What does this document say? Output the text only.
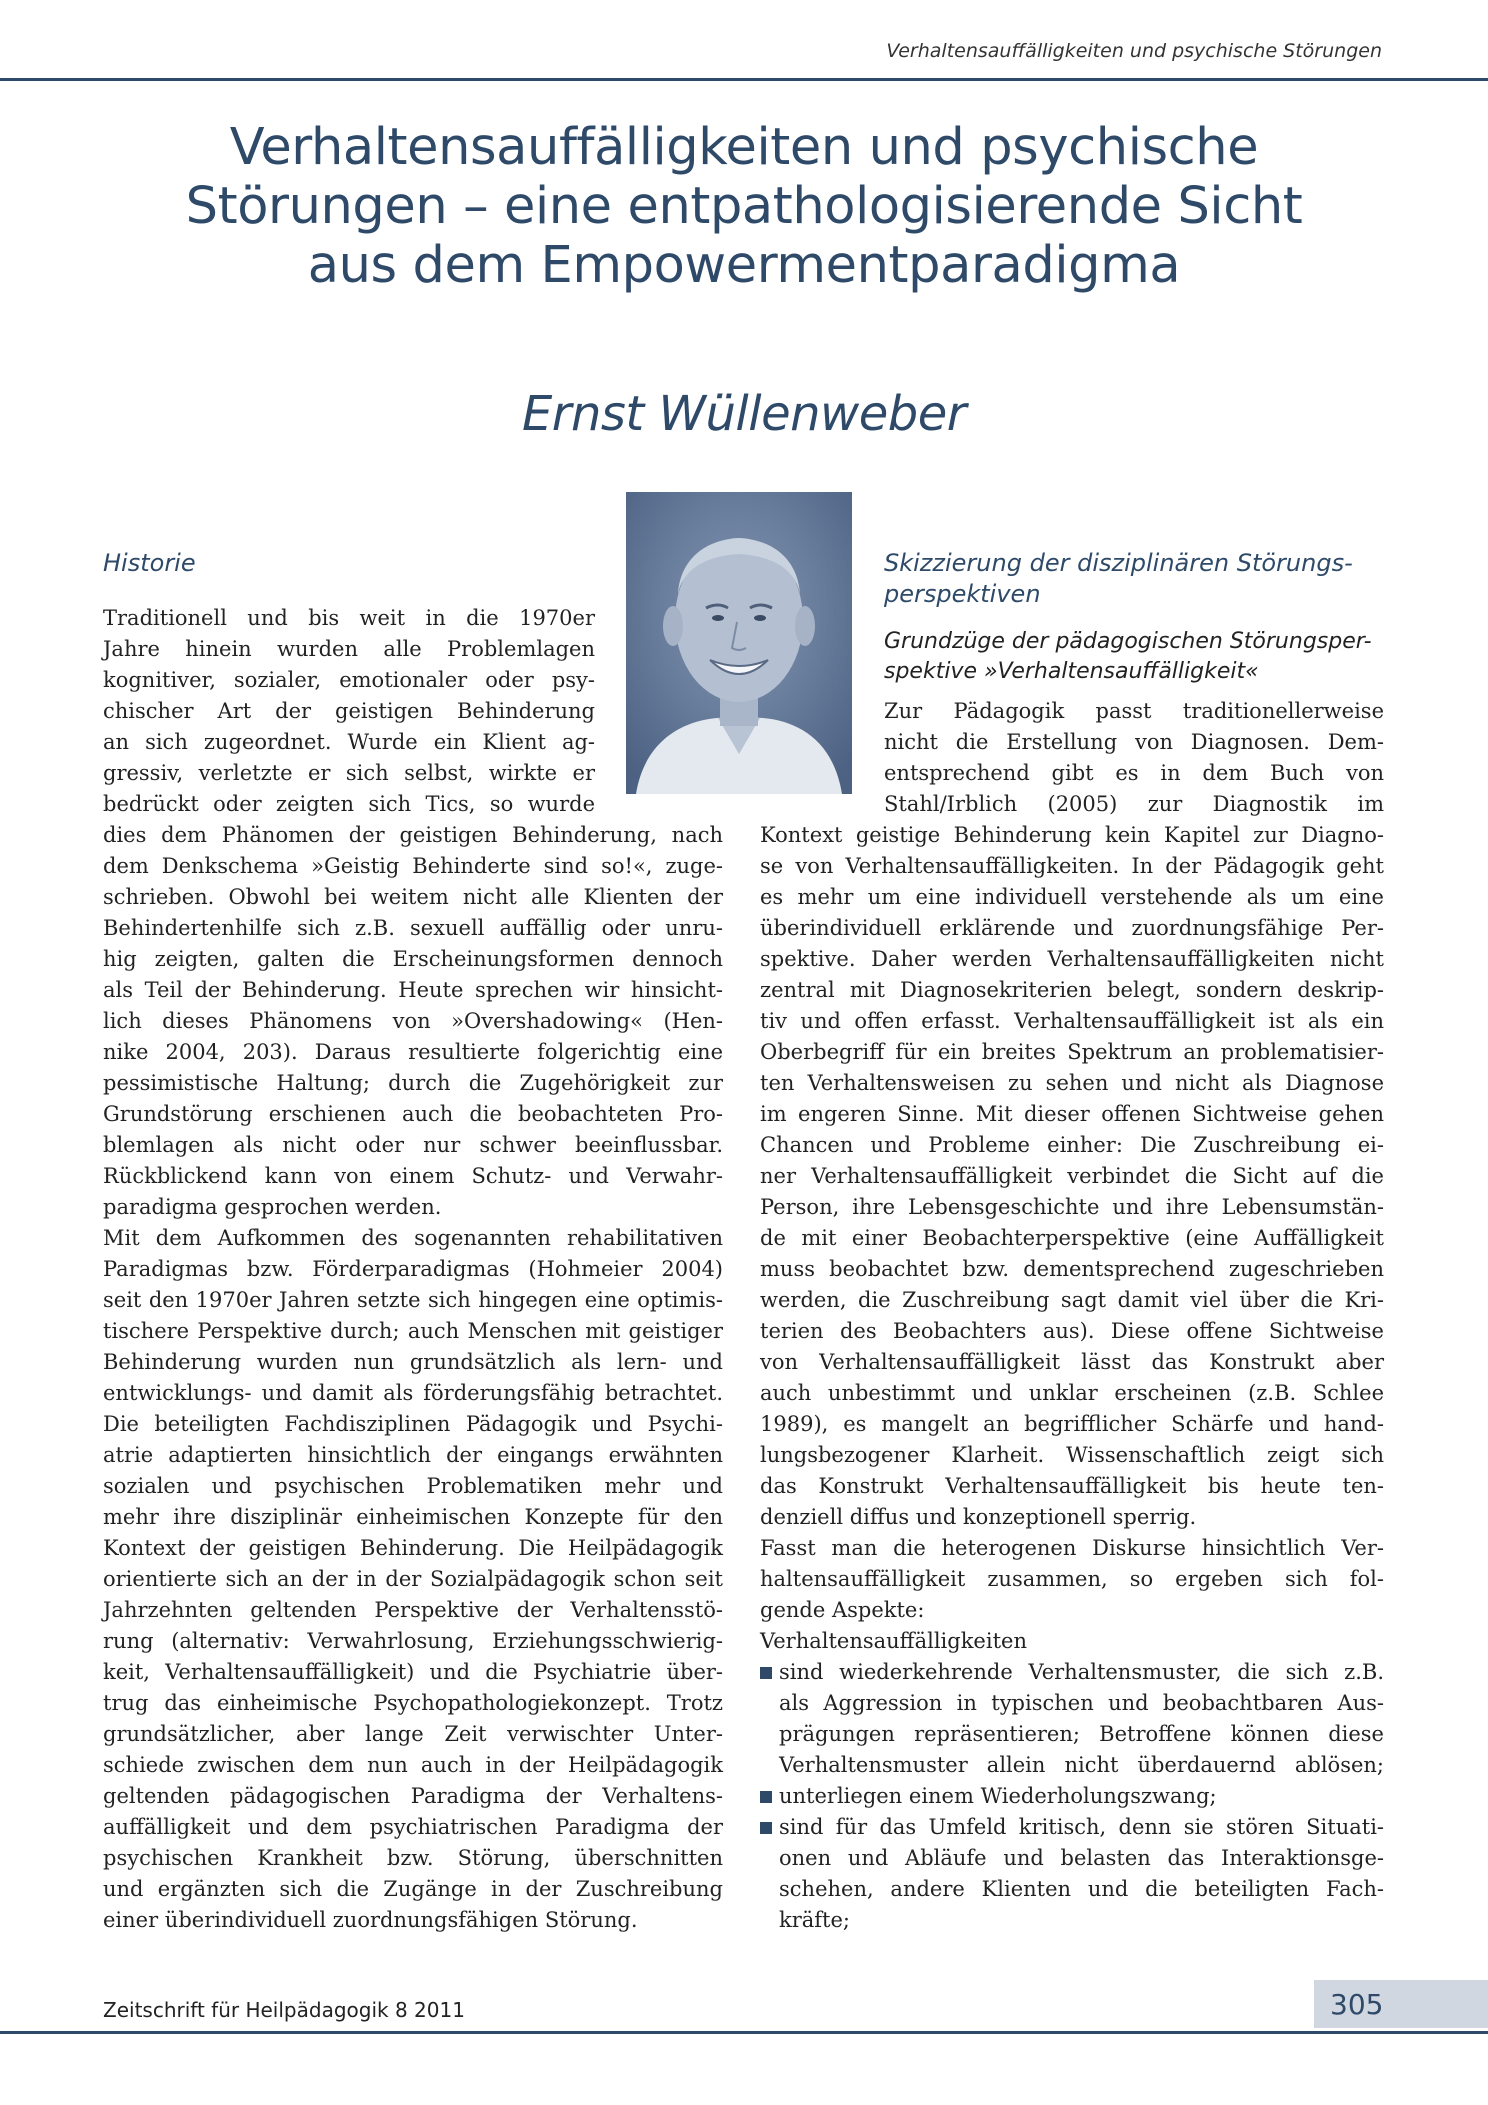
Verhaltensauffälligkeiten und psychische Störungen
Verhaltensauffälligkeiten und psychische
Störungen – eine entpathologisierende Sicht
aus dem Empowermentparadigma
Ernst Wüllenweber
Historie
Traditionell und bis weit in die 1970er
Jahre hinein wurden alle Problemlagen
kognitiver, sozialer, emotionaler oder psy-
chischer Art der geistigen Behinderung
an sich zugeordnet. Wurde ein Klient ag-
gressiv, verletzte er sich selbst, wirkte er
bedrückt oder zeigten sich Tics, so wurde
dies dem Phänomen der geistigen Behinderung, nach
dem Denkschema »Geistig Behinderte sind so!«, zuge-
schrieben. Obwohl bei weitem nicht alle Klienten der
Behindertenhilfe sich z.B. sexuell auffällig oder unru-
hig zeigten, galten die Erscheinungsformen dennoch
als Teil der Behinderung. Heute sprechen wir hinsicht-
lich dieses Phänomens von »Overshadowing« (Hen-
nike 2004, 203). Daraus resultierte folgerichtig eine
pessimistische Haltung; durch die Zugehörigkeit zur
Grundstörung erschienen auch die beobachteten Pro-
blemlagen als nicht oder nur schwer beeinflussbar.
Rückblickend kann von einem Schutz- und Verwahr-
paradigma gesprochen werden.
Mit dem Aufkommen des sogenannten rehabilitativen
Paradigmas bzw. Förderparadigmas (Hohmeier 2004)
seit den 1970er Jahren setzte sich hingegen eine optimis-
tischere Perspektive durch; auch Menschen mit geistiger
Behinderung wurden nun grundsätzlich als lern- und
entwicklungs- und damit als förderungsfähig betrachtet.
Die beteiligten Fachdisziplinen Pädagogik und Psychi-
atrie adaptierten hinsichtlich der eingangs erwähnten
sozialen und psychischen Problematiken mehr und
mehr ihre disziplinär einheimischen Konzepte für den
Kontext der geistigen Behinderung. Die Heilpädagogik
orientierte sich an der in der Sozialpädagogik schon seit
Jahrzehnten geltenden Perspektive der Verhaltensstö-
rung (alternativ: Verwahrlosung, Erziehungsschwierig-
keit, Verhaltensauffälligkeit) und die Psychiatrie über-
trug das einheimische Psychopathologiekonzept. Trotz
grundsätzlicher, aber lange Zeit verwischter Unter-
schiede zwischen dem nun auch in der Heilpädagogik
geltenden pädagogischen Paradigma der Verhaltens-
auffälligkeit und dem psychiatrischen Paradigma der
psychischen Krankheit bzw. Störung, überschnitten
und ergänzten sich die Zugänge in der Zuschreibung
einer überindividuell zuordnungsfähigen Störung.
Skizzierung der disziplinären Störungs-
perspektiven
Grundzüge der pädagogischen Störungsper-
spektive »Verhaltensauffälligkeit«
Zur Pädagogik passt traditionellerweise
nicht die Erstellung von Diagnosen. Dem-
entsprechend gibt es in dem Buch von
Stahl/Irblich (2005) zur Diagnostik im
Kontext geistige Behinderung kein Kapitel zur Diagno-
se von Verhaltensauffälligkeiten. In der Pädagogik geht
es mehr um eine individuell verstehende als um eine
überindividuell erklärende und zuordnungsfähige Per-
spektive. Daher werden Verhaltensauffälligkeiten nicht
zentral mit Diagnosekriterien belegt, sondern deskrip-
tiv und offen erfasst. Verhaltensauffälligkeit ist als ein
Oberbegriff für ein breites Spektrum an problematisier-
ten Verhaltensweisen zu sehen und nicht als Diagnose
im engeren Sinne. Mit dieser offenen Sichtweise gehen
Chancen und Probleme einher: Die Zuschreibung ei-
ner Verhaltensauffälligkeit verbindet die Sicht auf die
Person, ihre Lebensgeschichte und ihre Lebensumstän-
de mit einer Beobachterperspektive (eine Auffälligkeit
muss beobachtet bzw. dementsprechend zugeschrieben
werden, die Zuschreibung sagt damit viel über die Kri-
terien des Beobachters aus). Diese offene Sichtweise
von Verhaltensauffälligkeit lässt das Konstrukt aber
auch unbestimmt und unklar erscheinen (z.B. Schlee
1989), es mangelt an begrifflicher Schärfe und hand-
lungsbezogener Klarheit. Wissenschaftlich zeigt sich
das Konstrukt Verhaltensauffälligkeit bis heute ten-
denziell diffus und konzeptionell sperrig.
Fasst man die heterogenen Diskurse hinsichtlich Ver-
haltensauffälligkeit zusammen, so ergeben sich fol-
gende Aspekte:
Verhaltensauffälligkeiten
sind wiederkehrende Verhaltensmuster, die sich z.B.
als Aggression in typischen und beobachtbaren Aus-
prägungen repräsentieren; Betroffene können diese
Verhaltensmuster allein nicht überdauernd ablösen;
unterliegen einem Wiederholungszwang;
sind für das Umfeld kritisch, denn sie stören Situati-
onen und Abläufe und belasten das Interaktionsge-
schehen, andere Klienten und die beteiligten Fach-
kräfte;
Zeitschrift für Heilpädagogik 8 2011	305
